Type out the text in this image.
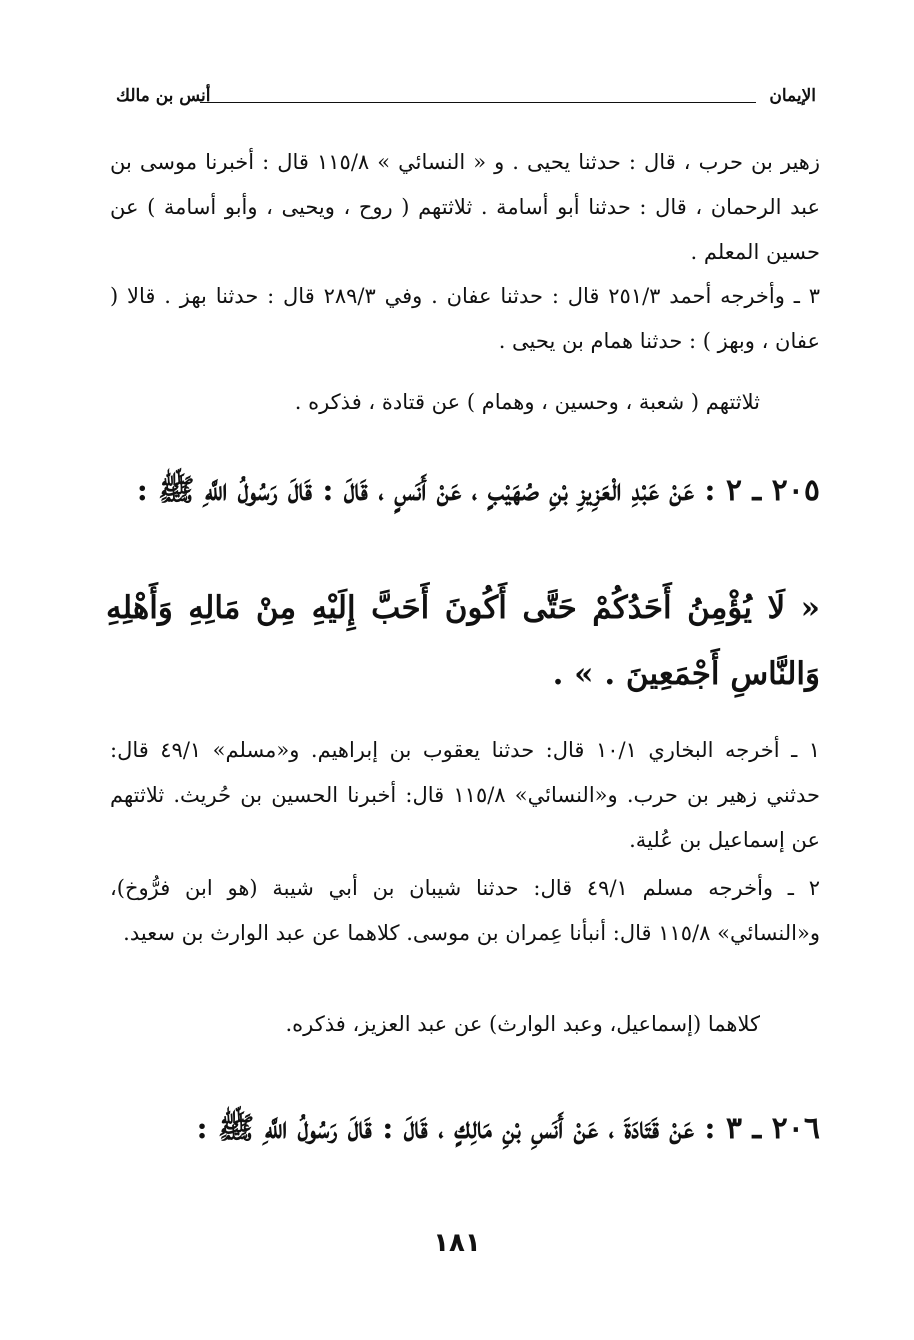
الإيمان
أنس بن مالك
زهير بن حرب ، قال : حدثنا يحيى . و « النسائي » ١١٥/٨ قال : أخبرنا موسى بن عبد الرحمان ، قال : حدثنا أبو أسامة . ثلاثتهم ( روح ، ويحيى ، وأبو أسامة ) عن حسين المعلم .
٣ ـ وأخرجه أحمد ٢٥١/٣ قال : حدثنا عفان . وفي ٢٨٩/٣ قال : حدثنا بهز . قالا ( عفان ، وبهز ) : حدثنا همام بن يحيى .
ثلاثتهم ( شعبة ، وحسين ، وهمام ) عن قتادة ، فذكره .
٢٠٥ ـ ٢ : عَنْ عَبْدِ الْعَزِيزِ بْنِ صُهَيْبٍ ، عَنْ أَنَسٍ ، قَالَ : قَالَ رَسُولُ اللَّهِ ﷺ :
« لَا يُؤْمِنُ أَحَدُكُمْ حَتَّى أَكُونَ أَحَبَّ إِلَيْهِ مِنْ مَالِهِ وَأَهْلِهِ وَالنَّاسِ أَجْمَعِينَ . » .
١ ـ أخرجه البخاري ١٠/١ قال: حدثنا يعقوب بن إبراهيم. و«مسلم» ٤٩/١ قال: حدثني زهير بن حرب. و«النسائي» ١١٥/٨ قال: أخبرنا الحسين بن حُريث. ثلاثتهم عن إسماعيل بن عُلية.
٢ ـ وأخرجه مسلم ٤٩/١ قال: حدثنا شيبان بن أبي شيبة (هو ابن فرُّوخ)، و«النسائي» ١١٥/٨ قال: أنبأنا عِمران بن موسى. كلاهما عن عبد الوارث بن سعيد.
كلاهما (إسماعيل، وعبد الوارث) عن عبد العزيز، فذكره.
٢٠٦ ـ ٣ : عَنْ قَتَادَةَ ، عَنْ أَنَسِ بْنِ مَالِكٍ ، قَالَ : قَالَ رَسُولُ اللَّهِ ﷺ :
١٨١
